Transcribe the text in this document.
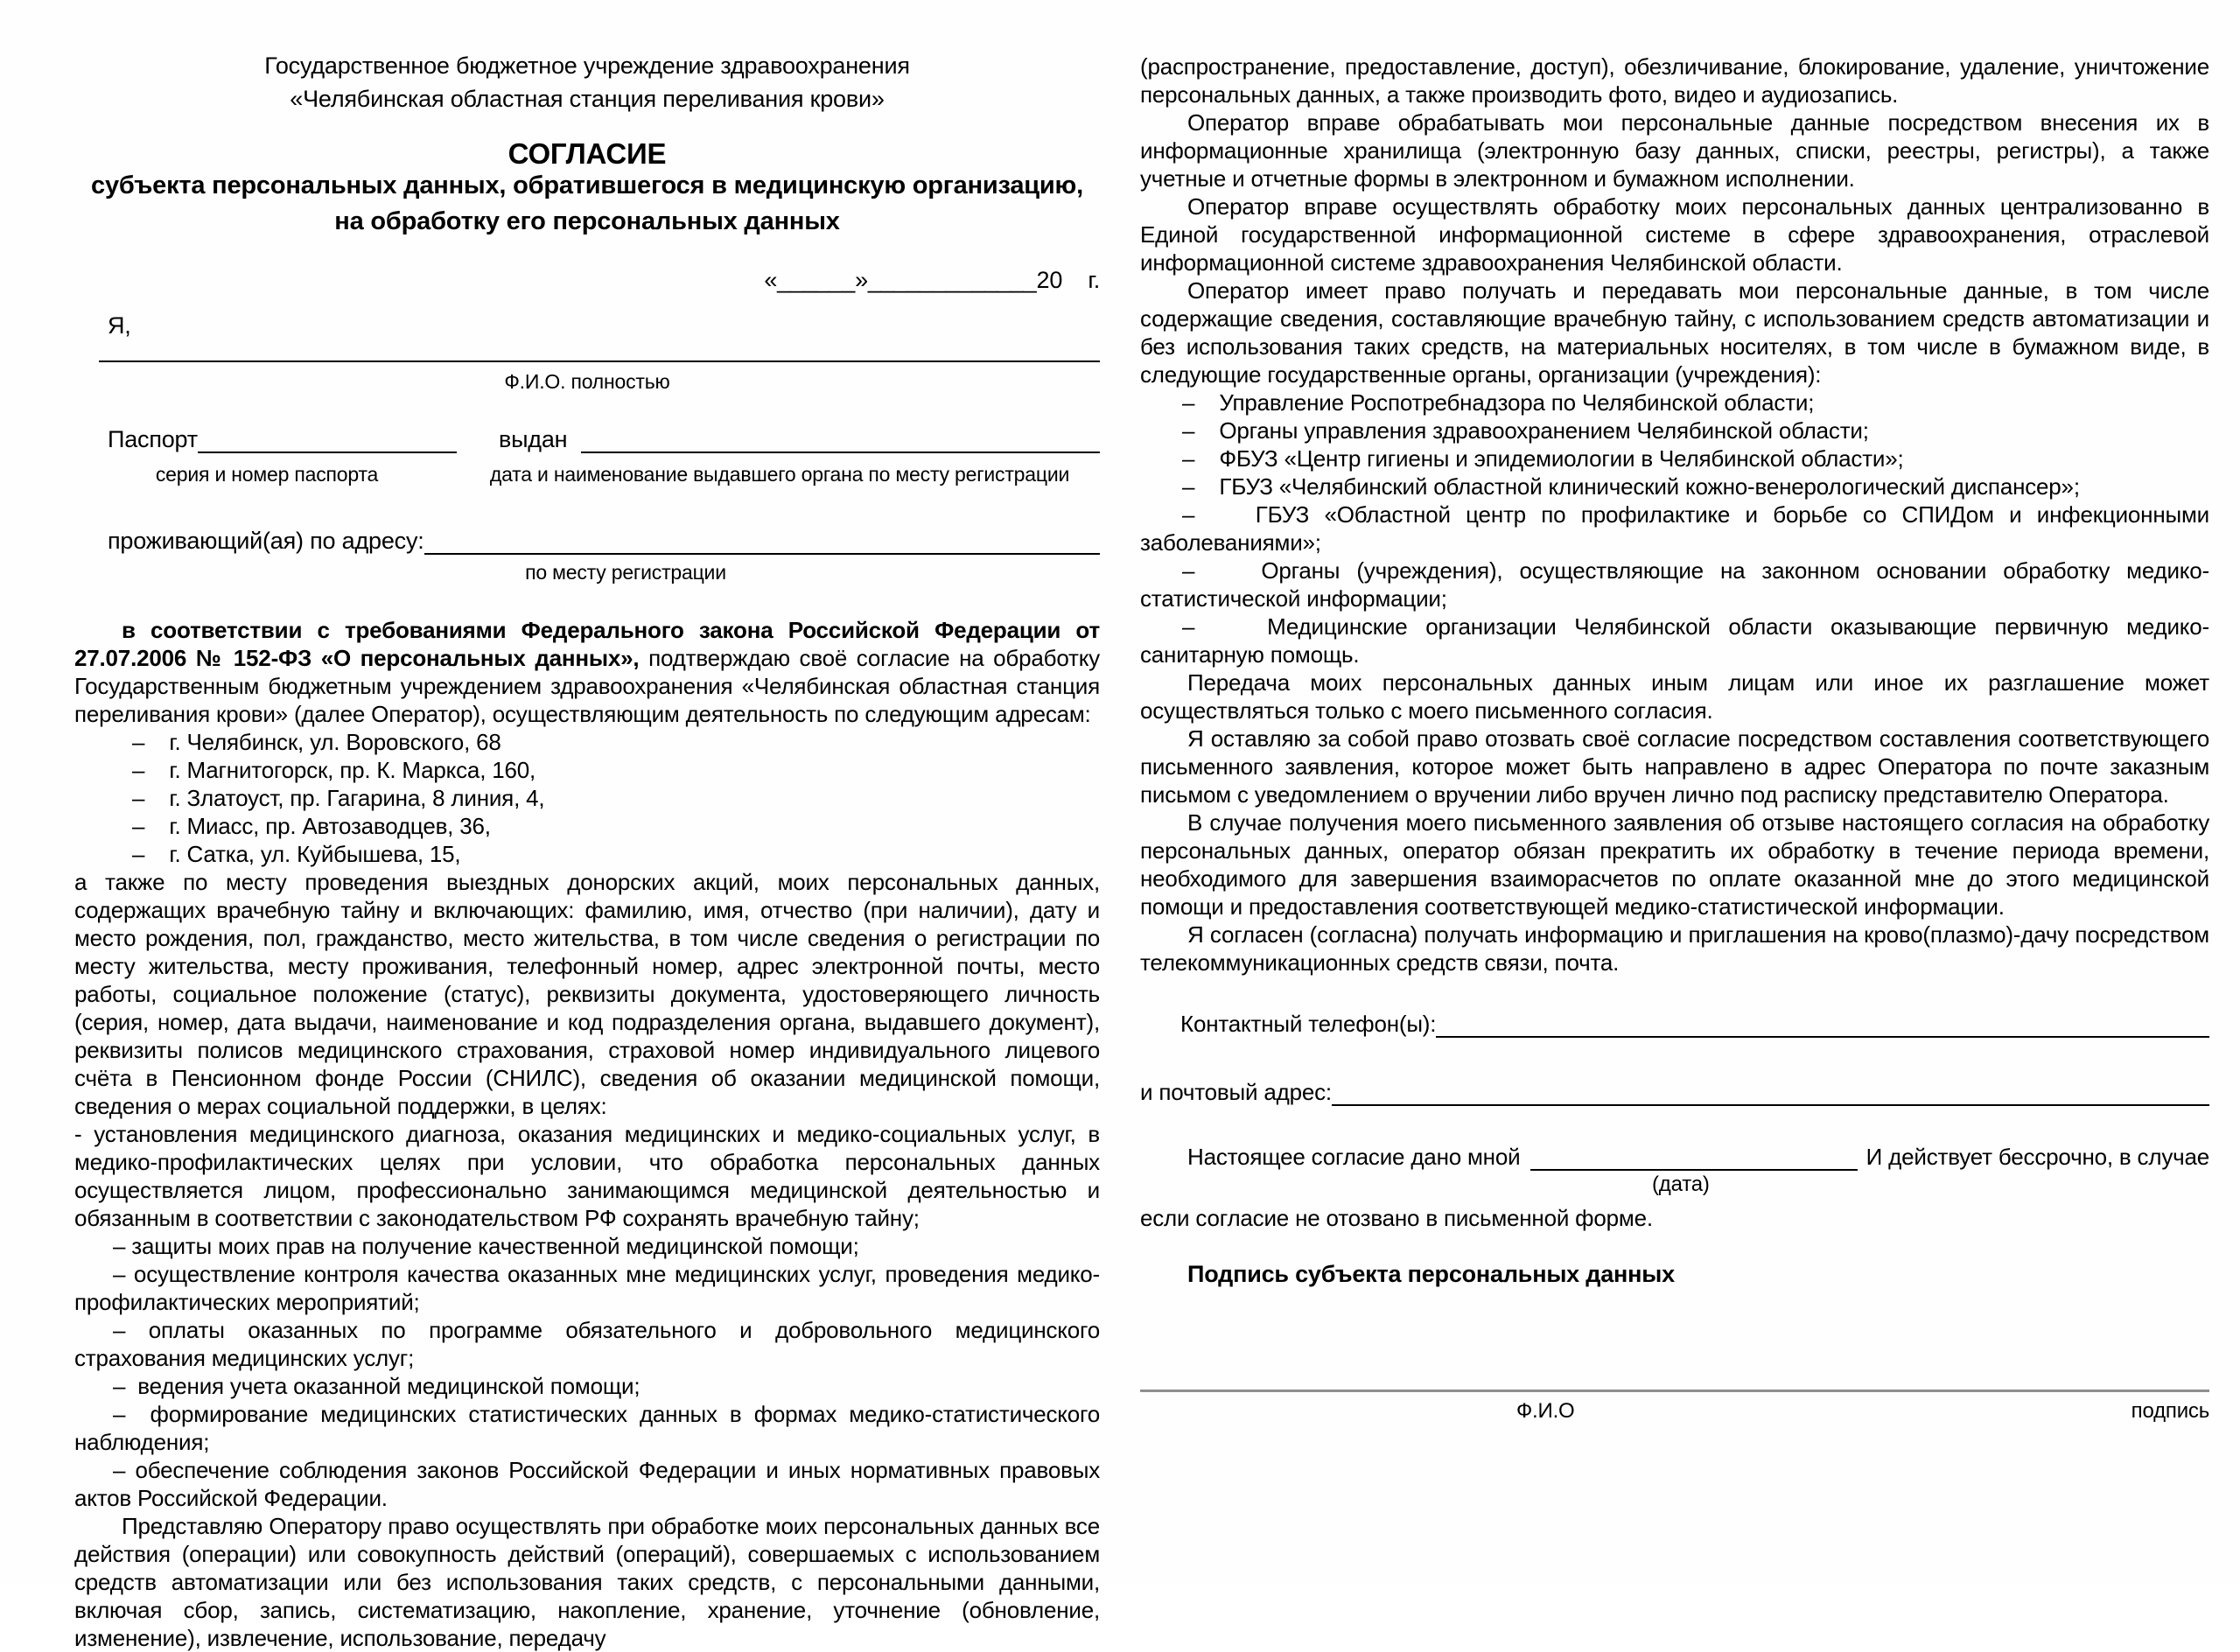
Государственное бюджетное учреждение здравоохранения
«Челябинская областная станция переливания крови»
СОГЛАСИЕ
субъекта персональных данных, обратившегося в медицинскую организацию,
на обработку его персональных данных
«______»_____________20    г.
Я,
Ф.И.О. полностью
Паспорт	выдан
серия и номер паспорта	дата и наименование выдавшего органа по месту регистрации
проживающий(ая) по адресу:
по месту регистрации

в соответствии с требованиями Федерального закона Российской Федерации от 27.07.2006 № 152-ФЗ «О персональных данных», подтверждаю своё согласие на обработку Государственным бюджетным учреждением здравоохранения «Челябинская областная станция переливания крови» (далее Оператор), осуществляющим деятельность по следующим адресам:

–    г. Челябинск, ул. Воровского, 68

–    г. Магнитогорск, пр. К. Маркса, 160,

–    г. Златоуст, пр. Гагарина, 8 линия, 4,

–    г. Миасс, пр. Автозаводцев, 36,

–    г. Сатка, ул. Куйбышева, 15,

а также по месту проведения выездных донорских акций, моих персональных данных, содержащих врачебную тайну и включающих: фамилию, имя, отчество (при наличии), дату и место рождения, пол, гражданство, место жительства, в том числе сведения о регистрации по месту жительства, месту проживания, телефонный номер, адрес электронной почты, место работы, социальное положение (статус), реквизиты документа, удостоверяющего личность (серия, номер, дата выдачи, наименование и код подразделения органа, выдавшего документ), реквизиты полисов медицинского страхования, страховой номер индивидуального лицевого счёта в Пенсионном фонде России (СНИЛС), сведения об оказании медицинской помощи, сведения о мерах социальной поддержки, в целях:

- установления медицинского диагноза, оказания медицинских и медико-социальных услуг, в медико-профилактических целях при условии, что обработка персональных данных осуществляется лицом, профессионально занимающимся медицинской деятельностью и обязанным в соответствии с законодательством РФ сохранять врачебную тайну;

– защиты моих прав на получение качественной медицинской помощи;

– осуществление контроля качества оказанных мне медицинских услуг, проведения медико-профилактических мероприятий;

– оплаты оказанных по программе обязательного и добровольного медицинского страхования медицинских услуг;

–  ведения учета оказанной медицинской помощи;

–  формирование медицинских статистических данных в формах медико-статистического наблюдения;

– обеспечение соблюдения законов Российской Федерации и иных нормативных правовых актов Российской Федерации.

Представляю Оператору право осуществлять при обработке моих персональных данных все действия (операции) или совокупность действий (операций), совершаемых с использованием средств автоматизации или без использования таких средств, с персональными данными, включая сбор, запись, систематизацию, накопление, хранение, уточнение (обновление, изменение), извлечение, использование, передачу

(распространение, предоставление, доступ), обезличивание, блокирование, удаление, уничтожение персональных данных, а также производить фото, видео и аудиозапись.

Оператор вправе обрабатывать мои персональные данные посредством внесения их в информационные хранилища (электронную базу данных, списки, реестры, регистры), а также учетные и отчетные формы в электронном и бумажном исполнении.

Оператор вправе осуществлять обработку моих персональных данных централизованно в Единой государственной информационной системе в сфере здравоохранения, отраслевой информационной системе здравоохранения Челябинской области.

Оператор имеет право получать и передавать мои персональные данные, в том числе содержащие сведения, составляющие врачебную тайну, с использованием средств автоматизации и без использования таких средств, на материальных носителях, в том числе в бумажном виде, в следующие государственные органы, организации (учреждения):

–    Управление Роспотребнадзора по Челябинской области;

–    Органы управления здравоохранением Челябинской области;

–    ФБУЗ «Центр гигиены и эпидемиологии в Челябинской области»;

–    ГБУЗ «Челябинский областной клинический кожно-венерологический диспансер»;

–    ГБУЗ «Областной центр по профилактике и борьбе со СПИДом и инфекционными заболеваниями»;

–    Органы (учреждения), осуществляющие на законном основании обработку медико-статистической информации;

–    Медицинские организации Челябинской области оказывающие первичную медико-санитарную помощь.

Передача моих персональных данных иным лицам или иное их разглашение может осуществляться только с моего письменного согласия.

Я оставляю за собой право отозвать своё согласие посредством составления соответствующего письменного заявления, которое может быть направлено в адрес Оператора по почте заказным письмом с уведомлением о вручении либо вручен лично под расписку представителю Оператора.

В случае получения моего письменного заявления об отзыве настоящего согласия на обработку персональных данных, оператор обязан прекратить их обработку в течение периода времени, необходимого для завершения взаиморасчетов по оплате оказанной мне до этого медицинской помощи и предоставления соответствующей медико-статистической информации.

Я согласен (согласна) получать информацию и приглашения на крово(плазмо)-дачу посредством телекоммуникационных средств связи, почта.

Контактный телефон(ы):
и почтовый адрес:
Настоящее согласие дано мной	И действует бессрочно, в случае
(дата)
если согласие не отозвано в письменной форме.
Подпись субъекта персональных данных
Ф.И.О	подпись
